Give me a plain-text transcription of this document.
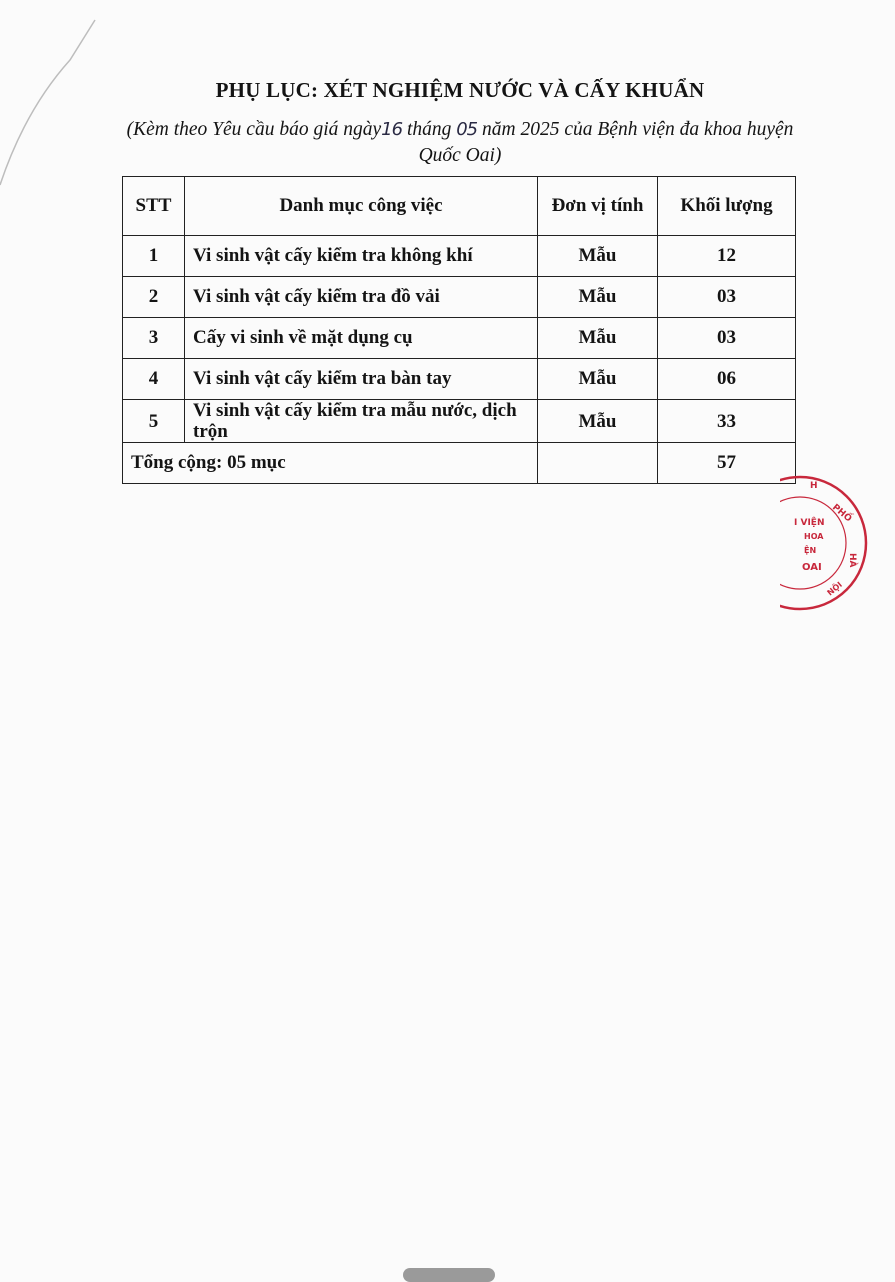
PHỤ LỤC: XÉT NGHIỆM NƯỚC VÀ CẤY KHUẨN
(Kèm theo Yêu cầu báo giá ngày16 tháng 05 năm 2025 của Bệnh viện đa khoa huyện Quốc Oai)
STT	Danh mục công việc	Đơn vị tính	Khối lượng
1	Vi sinh vật cấy kiểm tra không khí	Mẫu	12
2	Vi sinh vật cấy kiểm tra đồ vải	Mẫu	03
3	Cấy vi sinh về mặt dụng cụ	Mẫu	03
4	Vi sinh vật cấy kiểm tra bàn tay	Mẫu	06
5	Vi sinh vật cấy kiểm tra mẫu nước, dịch trộn	Mẫu	33
Tổng cộng: 05 mục			57
H
PHỐ
I VIỆN
HOA
ỆN
OAI	HÀ
NỘI
